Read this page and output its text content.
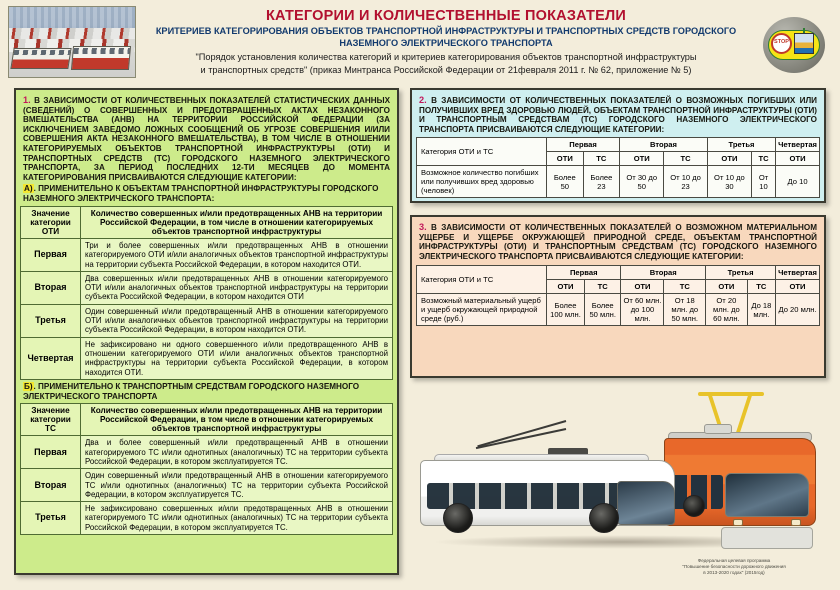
КАТЕГОРИИ И КОЛИЧЕСТВЕННЫЕ ПОКАЗАТЕЛИ
КРИТЕРИЕВ КАТЕГОРИРОВАНИЯ ОБЪЕКТОВ ТРАНСПОРТНОЙ ИНФРАСТРУКТУРЫ И ТРАНСПОРТНЫХ СРЕДСТВ ГОРОДСКОГО
НАЗЕМНОГО ЭЛЕКТРИЧЕСКОГО ТРАНСПОРТА
"Порядок установления количества категорий и критериев категорирования объектов транспортной инфраструктуры
и транспортных средств" (приказ Минтранса Российской Федерации от 21февраля 2011 г. № 62, приложение № 5)
STOP
1. В ЗАВИСИМОСТИ ОТ КОЛИЧЕСТВЕННЫХ ПОКАЗАТЕЛЕЙ СТАТИСТИЧЕСКИХ ДАННЫХ (СВЕДЕНИЙ) О СОВЕРШЕННЫХ И ПРЕДОТВРАЩЕННЫХ АКТАХ НЕЗАКОННОГО ВМЕШАТЕЛЬСТВА (АНВ) НА ТЕРРИТОРИИ РОССИЙСКОЙ ФЕДЕРАЦИИ (ЗА ИСКЛЮЧЕНИЕМ ЗАВЕДОМО ЛОЖНЫХ СООБЩЕНИЙ ОБ УГРОЗЕ СОВЕРШЕНИЯ И/ИЛИ СОВЕРШЕНИЯ АКТА НЕЗАКОННОГО ВМЕШАТЕЛЬСТВА), В ТОМ ЧИСЛЕ В ОТНОШЕНИИ КАТЕГОРИРУЕМЫХ ОБЪЕКТОВ ТРАНСПОРТНОЙ ИНФРАСТРУКТУРЫ (ОТИ) И ТРАНСПОРТНЫХ СРЕДСТВ (ТС) ГОРОДСКОГО НАЗЕМНОГО ЭЛЕКТРИЧЕСКОГО ТРАНСПОРТА, ЗА ПЕРИОД ПОСЛЕДНИХ 12-ТИ МЕСЯЦЕВ ДО МОМЕНТА КАТЕГОРИРОВАНИЯ ПРИСВАИВАЮТСЯ СЛЕДУЮЩИЕ КАТЕГОРИИ:
А). ПРИМЕНИТЕЛЬНО К ОБЪЕКТАМ ТРАНСПОРТНОЙ ИНФРАСТРУКТУРЫ ГОРОДСКОГО НАЗЕМНОГО ЭЛЕКТРИЧЕСКОГО ТРАНСПОРТА:
Значение категории ОТИ	Количество совершенных и/или предотвращенных АНВ на территории Российской Федерации, в том числе в отношении категорируемых объектов транспортной инфраструктуры
Первая	Три и более совершенных и/или предотвращенных АНВ в отношении категорируемого ОТИ и/или аналогичных объектов транспортной инфраструктуры на территории субъекта Российской Федерации, в котором находится ОТИ.
Вторая	Два совершенных и/или предотвращенных АНВ в отношении категорируемого ОТИ и/или аналогичных объектов транспортной инфраструктуры на территории субъекта Российской Федерации, в котором находится ОТИ
Третья	Один совершенный и/или предотвращенный АНВ в отношении категорируемого ОТИ и/или аналогичных объектов транспортной инфраструктуры на территории субъекта Российской Федерации, в котором находится ОТИ.
Четвертая	Не зафиксировано ни одного совершенного и/или предотвращенного АНВ в отношении категорируемого ОТИ и/или аналогичных объектов транспортной инфраструктуры на территории субъекта Российской Федерации, в котором находится ОТИ.
Б). ПРИМЕНИТЕЛЬНО К ТРАНСПОРТНЫМ СРЕДСТВАМ ГОРОДСКОГО НАЗЕМНОГО ЭЛЕКТРИЧЕСКОГО ТРАНСПОРТА
Значение категории ТС	Количество совершенных и/или предотвращенных АНВ на территории Российской Федерации, в том числе в отношении категорируемых объектов транспортной инфраструктуры
Первая	Два и более совершенный и/или предотвращенный АНВ в отношении категорируемого ТС и/или однотипных (аналогичных) ТС на территории субъекта Российской Федерации, в котором эксплуатируется ТС.
Вторая	Один совершенный и/или предотвращенный АНВ в отношении категорируемого ТС и/или однотипных (аналогичных) ТС на территории субъекта Российской Федерации, в котором эксплуатируется ТС.
Третья	Не зафиксировано совершенных и/или предотвращенных АНВ в отношении категорируемого ТС и/или однотипных (аналогичных) ТС на территории субъекта Российской Федерации, в котором эксплуатируется ТС.
2. В ЗАВИСИМОСТИ ОТ КОЛИЧЕСТВЕННЫХ ПОКАЗАТЕЛЕЙ О ВОЗМОЖНЫХ ПОГИБШИХ ИЛИ ПОЛУЧИВШИХ ВРЕД ЗДОРОВЬЮ ЛЮДЕЙ, ОБЪЕКТАМ ТРАНСПОРТНОЙ ИНФРАСТРУКТУРЫ (ОТИ) И ТРАНСПОРТНЫМ СРЕДСТВАМ (ТС) ГОРОДСКОГО НАЗЕМНОГО ЭЛЕКТРИЧЕСКОГО ТРАНСПОРТА ПРИСВАИВАЮТСЯ СЛЕДУЮЩИЕ КАТЕГОРИИ:
Категория ОТИ и ТС	Первая		Вторая		Третья		Четвертая
	ОТИ	ТС	ОТИ	ТС	ОТИ	ТС	ОТИ
Возможное количество погибших или получивших вред здоровью (человек)	Более 50	Более 23	От 30 до 50	От 10 до 23	От 10 до 30	От 10	До 10
3. В ЗАВИСИМОСТИ ОТ КОЛИЧЕСТВЕННЫХ ПОКАЗАТЕЛЕЙ О ВОЗМОЖНОМ МАТЕРИАЛЬНОМ УЩЕРБЕ И УЩЕРБЕ ОКРУЖАЮЩЕЙ ПРИРОДНОЙ СРЕДЕ, ОБЪЕКТАМ ТРАНСПОРТНОЙ ИНФРАСТРУКТУРЫ (ОТИ) И ТРАНСПОРТНЫМ СРЕДСТВАМ (ТС) ГОРОДСКОГО НАЗЕМНОГО ЭЛЕКТРИЧЕСКОГО ТРАНСПОРТА ПРИСВАИВАЮТСЯ СЛЕДУЮЩИЕ КАТЕГОРИИ:
Категория ОТИ и ТС	Первая		Вторая		Третья		Четвертая
	ОТИ	ТС	ОТИ	ТС	ОТИ	ТС	ОТИ
Возможный материальный ущерб и ущерб окружающей природной среде (руб.)	Более 100 млн.	Более 50 млн.	От 60 млн. до 100 млн.	От 18 млн. до 50 млн.	От 20 млн. до 60 млн.	До 18 млн.	До 20 млн.
Федеральная целевая программа
"Повышение безопасности дорожного движения
в 2013-2020 годах" (2015год)
